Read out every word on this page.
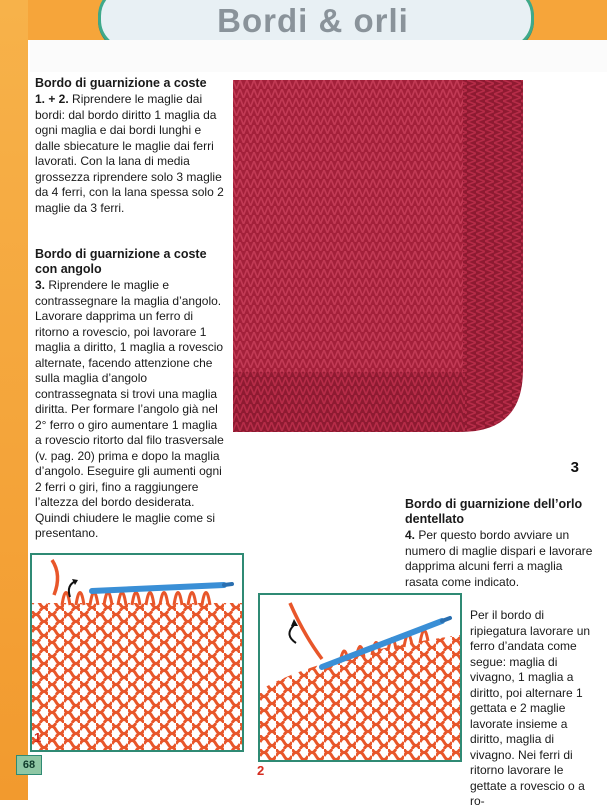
Bordi & orli
Bordo di guarnizione a coste
1. + 2. Riprendere le maglie dai bordi: dal bordo diritto 1 maglia da ogni maglia e dai bordi lunghi e dalle sbiecature le maglie dai ferri lavorati. Con la lana di media grossezza riprendere solo 3 maglie da 4 ferri, con la lana spessa solo 2 maglie da 3 ferri.
Bordo di guarnizione a coste con angolo
3. Riprendere le maglie e contrassegnare la maglia d’angolo. Lavorare dapprima un ferro di ritorno a rovescio, poi lavorare 1 maglia a diritto, 1 maglia a rovescio alternate, facendo attenzione che sulla maglia d’angolo contrassegnata si trovi una maglia diritta. Per formare l’angolo già nel 2° ferro o giro aumentare 1 maglia a rovescio ritorto dal filo trasversale (v. pag. 20) prima e dopo la maglia d’angolo. Eseguire gli aumenti ogni 2 ferri o giri, fino a raggiungere l’altezza del bordo desiderata. Quindi chiudere le maglie come si presentano.
3
Bordo di guarnizione dell’orlo dentellato
4. Per questo bordo avviare un numero di maglie dispari e lavorare dapprima alcuni ferri a maglia rasata come indicato.
Per il bordo di ripiegatura lavorare un ferro d’andata come segue: maglia di vivagno, 1 maglia a diritto, poi alternare 1 gettata e 2 maglie lavorate insieme a diritto, maglia di vivagno. Nei ferri di ritorno lavorare le gettate a rovescio o a ro-
1
2
68
